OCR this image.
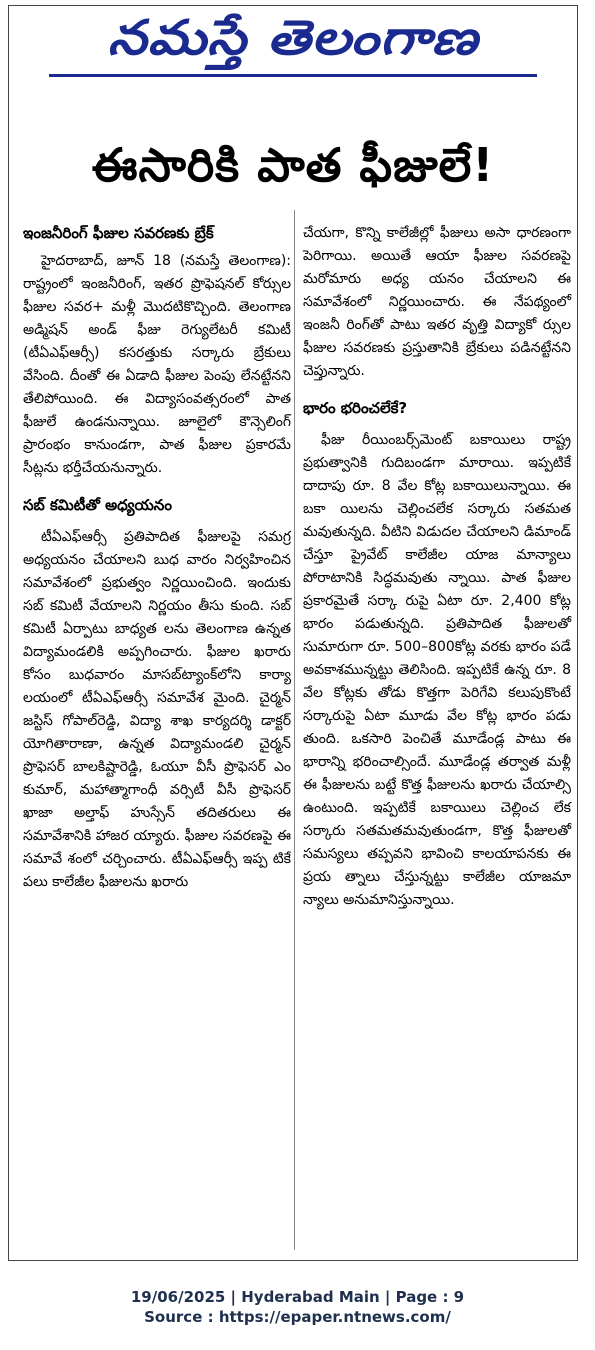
నమస్తే తెలంగాణ
ఈసారికి పాత ఫీజులే!
ఇంజనీరింగ్ ఫీజుల సవరణకు బ్రేక్

హైదరాబాద్, జూన్ 18 (నమస్తే తెలంగాణ): రాష్ట్రంలో ఇంజనీరింగ్, ఇతర ప్రొఫెషనల్ కోర్సుల ఫీజుల సవర+ మళ్లీ మొదటికొచ్చింది. తెలంగాణ అడ్మిషన్ అండ్ ఫీజు రెగ్యులేటరీ కమిటీ (టీఏఎఫ్ఆర్సీ) కసరత్తుకు సర్కారు బ్రేకులు వేసింది. దీంతో ఈ ఏడాది ఫీజుల పెంపు లేనట్టేనని తేలిపోయింది. ఈ విద్యాసంవత్సరంలో పాత ఫీజులే ఉండనున్నాయి. జూలైలో కౌన్సెలింగ్ ప్రారంభం కానుండగా, పాత ఫీజుల ప్రకారమే సీట్లను భర్తీచేయనున్నారు.

సబ్ కమిటీతో అధ్యయనం

టీఏఎఫ్ఆర్సీ ప్రతిపాదిత ఫీజులపై సమగ్ర అధ్యయనం చేయాలని బుధ వారం నిర్వహించిన సమావేశంలో ప్రభుత్వం నిర్ణయించింది. ఇందుకు సబ్ కమిటీ వేయాలని నిర్ణయం తీసు కుంది. సబ్ కమిటీ ఏర్పాటు బాధ్యత లను తెలంగాణ ఉన్నత విద్యామండలికి అప్పగించారు. ఫీజుల ఖరారు కోసం బుధవారం మాసబ్‌ట్యాంక్‌లోని కార్యా లయంలో టీఏఎఫ్ఆర్సీ సమావేశ మైంది. చైర్మన్ జస్టిస్ గోపాల్‌రెడ్డి, విద్యా శాఖ కార్యదర్శి డాక్టర్ యోగితారాణా, ఉన్నత విద్యామండలి చైర్మన్ ప్రొఫెసర్ బాలకిష్టారెడ్డి, ఓయూ వీసీ ప్రొఫెసర్ ఎం కుమార్, మహాత్మాగాంధీ వర్సిటీ వీసీ ప్రొఫెసర్ ఖాజా అల్తాఫ్ హుస్సేన్ తదితరులు ఈ సమావేశానికి హాజర య్యారు. ఫీజుల సవరణపై ఈ సమావే శంలో చర్చించారు. టీఏఎఫ్ఆర్సీ ఇప్ప టికే పలు కాలేజీల ఫీజులను ఖరారు

చేయగా, కొన్ని కాలేజీల్లో ఫీజులు అసా ధారణంగా పెరిగాయి. అయితే ఆయా ఫీజుల సవరణపై మరోమారు అధ్య యనం చేయాలని ఈ సమావేశంలో నిర్ణయించారు. ఈ నేపథ్యంలో ఇంజనీ రింగ్‌తో పాటు ఇతర వృత్తి విద్యాకో ర్సుల ఫీజుల సవరణకు ప్రస్తుతానికి బ్రేకులు పడినట్టేనని చెప్తున్నారు.

భారం భరించలేకే?

ఫీజు రీయింబర్స్‌మెంట్ బకాయిలు రాష్ట్ర ప్రభుత్వానికి గుదిబండగా మారాయి. ఇప్పటికే దాదాపు రూ. 8 వేల కోట్ల బకాయిలున్నాయి. ఈ బకా యిలను చెల్లించలేక సర్కారు సతమత మవుతున్నది. వీటిని విడుదల చేయాలని డిమాండ్ చేస్తూ ప్రైవేట్ కాలేజీల యాజ మాన్యాలు పోరాటానికి సిద్ధమవుతు న్నాయి. పాత ఫీజుల ప్రకారమైతే సర్కా రుపై ఏటా రూ. 2,400 కోట్ల భారం పడుతున్నది. ప్రతిపాదిత ఫీజులతో సుమారుగా రూ. 500–800కోట్ల వరకు భారం పడే అవకాశమున్నట్టు తెలిసింది. ఇప్పటికే ఉన్న రూ. 8 వేల కోట్లకు తోడు కొత్తగా పెరిగేవి కలుపుకొంటే సర్కారుపై ఏటా మూడు వేల కోట్ల భారం పడు తుంది. ఒకసారి పెంచితే మూడేండ్ల పాటు ఈ భారాన్ని భరించాల్సిందే. మూడేండ్ల తర్వాత మళ్లీ ఈ ఫీజులను బట్టే కొత్త ఫీజులను ఖరారు చేయాల్సి ఉంటుంది. ఇప్పటికే బకాయిలు చెల్లించ లేక సర్కారు సతమతమవుతుండగా, కొత్త ఫీజులతో సమస్యలు తప్పవని భావించి కాలయాపనకు ఈ ప్రయ త్నాలు చేస్తున్నట్టు కాలేజీల యాజమా న్యాలు అనుమానిస్తున్నాయి.

19/06/2025 | Hyderabad Main | Page : 9
Source : https://epaper.ntnews.com/
